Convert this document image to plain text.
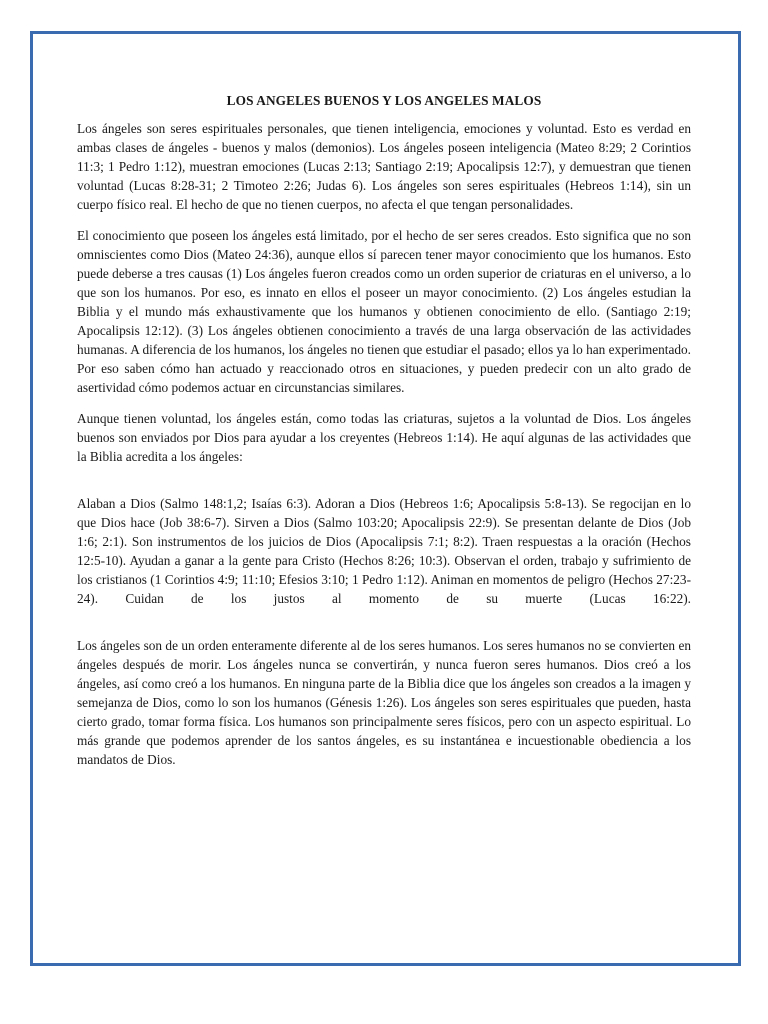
LOS ANGELES BUENOS Y LOS ANGELES MALOS

Los ángeles son seres espirituales personales, que tienen inteligencia, emociones y voluntad. Esto es verdad en ambas clases de ángeles - buenos y malos (demonios). Los ángeles poseen inteligencia (Mateo 8:29; 2 Corintios 11:3; 1 Pedro 1:12), muestran emociones (Lucas 2:13; Santiago 2:19; Apocalipsis 12:7), y demuestran que tienen voluntad (Lucas 8:28-31; 2 Timoteo 2:26; Judas 6). Los ángeles son seres espirituales (Hebreos 1:14), sin un cuerpo físico real. El hecho de que no tienen cuerpos, no afecta el que tengan personalidades.

El conocimiento que poseen los ángeles está limitado, por el hecho de ser seres creados. Esto significa que no son omniscientes como Dios (Mateo 24:36), aunque ellos sí parecen tener mayor conocimiento que los humanos. Esto puede deberse a tres causas (1) Los ángeles fueron creados como un orden superior de criaturas en el universo, a lo que son los humanos. Por eso, es innato en ellos el poseer un mayor conocimiento. (2) Los ángeles estudian la Biblia y el mundo más exhaustivamente que los humanos y obtienen conocimiento de ello. (Santiago 2:19; Apocalipsis 12:12). (3) Los ángeles obtienen conocimiento a través de una larga observación de las actividades humanas. A diferencia de los humanos, los ángeles no tienen que estudiar el pasado; ellos ya lo han experimentado. Por eso saben cómo han actuado y reaccionado otros en situaciones, y pueden predecir con un alto grado de asertividad cómo podemos actuar en circunstancias similares.

Aunque tienen voluntad, los ángeles están, como todas las criaturas, sujetos a la voluntad de Dios. Los ángeles buenos son enviados por Dios para ayudar a los creyentes (Hebreos 1:14). He aquí algunas de las actividades que la Biblia acredita a los ángeles:

Alaban a Dios (Salmo 148:1,2; Isaías 6:3). Adoran a Dios (Hebreos 1:6; Apocalipsis 5:8-13). Se regocijan en lo que Dios hace (Job 38:6-7). Sirven a Dios (Salmo 103:20; Apocalipsis 22:9). Se presentan delante de Dios (Job 1:6; 2:1). Son instrumentos de los juicios de Dios (Apocalipsis 7:1; 8:2). Traen respuestas a la oración (Hechos 12:5-10). Ayudan a ganar a la gente para Cristo (Hechos 8:26; 10:3). Observan el orden, trabajo y sufrimiento de los cristianos (1 Corintios 4:9; 11:10; Efesios 3:10; 1 Pedro 1:12). Animan en momentos de peligro (Hechos 27:23-24). Cuidan de los justos al momento de su muerte (Lucas 16:22).

Los ángeles son de un orden enteramente diferente al de los seres humanos. Los seres humanos no se convierten en ángeles después de morir. Los ángeles nunca se convertirán, y nunca fueron seres humanos. Dios creó a los ángeles, así como creó a los humanos. En ninguna parte de la Biblia dice que los ángeles son creados a la imagen y semejanza de Dios, como lo son los humanos (Génesis 1:26). Los ángeles son seres espirituales que pueden, hasta cierto grado, tomar forma física. Los humanos son principalmente seres físicos, pero con un aspecto espiritual. Lo más grande que podemos aprender de los santos ángeles, es su instantánea e incuestionable obediencia a los mandatos de Dios.
